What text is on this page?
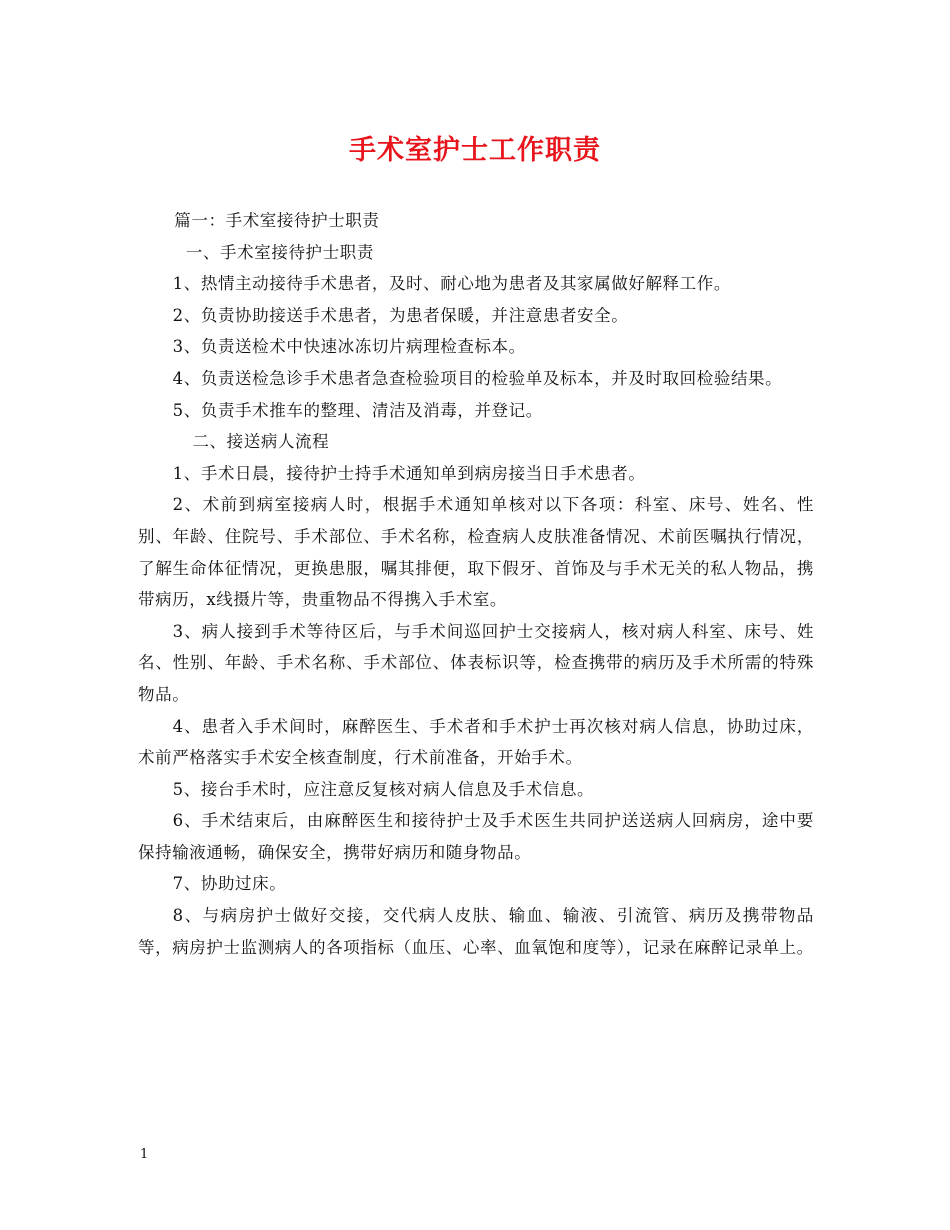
手术室护士工作职责

篇一：手术室接待护士职责

一、手术室接待护士职责

1、热情主动接待手术患者，及时、耐心地为患者及其家属做好解释工作。

2、负责协助接送手术患者，为患者保暖，并注意患者安全。

3、负责送检术中快速冰冻切片病理检查标本。

4、负责送检急诊手术患者急查检验项目的检验单及标本，并及时取回检验结果。

5、负责手术推车的整理、清洁及消毒，并登记。

二、接送病人流程

1、手术日晨，接待护士持手术通知单到病房接当日手术患者。

2、术前到病室接病人时，根据手术通知单核对以下各项：科室、床号、姓名、性别、年龄、住院号、手术部位、手术名称，检查病人皮肤准备情况、术前医嘱执行情况，了解生命体征情况，更换患服，嘱其排便，取下假牙、首饰及与手术无关的私人物品，携带病历，x线摄片等，贵重物品不得携入手术室。

3、病人接到手术等待区后，与手术间巡回护士交接病人，核对病人科室、床号、姓名、性别、年龄、手术名称、手术部位、体表标识等，检查携带的病历及手术所需的特殊物品。

4、患者入手术间时，麻醉医生、手术者和手术护士再次核对病人信息，协助过床，术前严格落实手术安全核查制度，行术前准备，开始手术。

5、接台手术时，应注意反复核对病人信息及手术信息。

6、手术结束后，由麻醉医生和接待护士及手术医生共同护送送病人回病房，途中要保持输液通畅，确保安全，携带好病历和随身物品。

7、协助过床。

8、与病房护士做好交接，交代病人皮肤、输血、输液、引流管、病历及携带物品等，病房护士监测病人的各项指标（血压、心率、血氧饱和度等），记录在麻醉记录单上。

1
